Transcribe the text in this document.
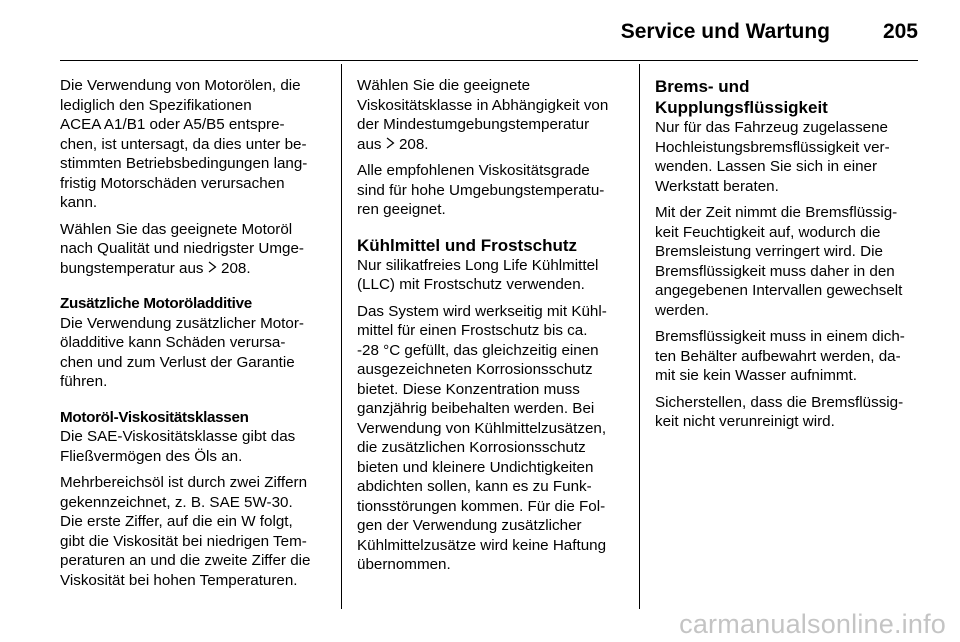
Service und Wartung	205

Die Verwendung von Motorölen, die
lediglich den Spezifikationen
ACEA A1/B1 oder A5/B5 entspre-
chen, ist untersagt, da dies unter be-
stimmten Betriebsbedingungen lang-
fristig Motorschäden verursachen
kann.

Wählen Sie das geeignete Motoröl
nach Qualität und niedrigster Umge-
bungstemperatur aus 208.

Zusätzliche Motoröladditive

Die Verwendung zusätzlicher Motor-
öladditive kann Schäden verursa-
chen und zum Verlust der Garantie
führen.

Motoröl-Viskositätsklassen

Die SAE-Viskositätsklasse gibt das
Fließvermögen des Öls an.

Mehrbereichsöl ist durch zwei Ziffern
gekennzeichnet, z. B. SAE 5W-30.
Die erste Ziffer, auf die ein W folgt,
gibt die Viskosität bei niedrigen Tem-
peraturen an und die zweite Ziffer die
Viskosität bei hohen Temperaturen.

Wählen Sie die geeignete
Viskositätsklasse in Abhängigkeit von
der Mindestumgebungstemperatur
aus 208.

Alle empfohlenen Viskositätsgrade
sind für hohe Umgebungstemperatu-
ren geeignet.

Kühlmittel und Frostschutz

Nur silikatfreies Long Life Kühlmittel
(LLC) mit Frostschutz verwenden.

Das System wird werkseitig mit Kühl-
mittel für einen Frostschutz bis ca.
-28 °C gefüllt, das gleichzeitig einen
ausgezeichneten Korrosionsschutz
bietet. Diese Konzentration muss
ganzjährig beibehalten werden. Bei
Verwendung von Kühlmittelzusätzen,
die zusätzlichen Korrosionsschutz
bieten und kleinere Undichtigkeiten
abdichten sollen, kann es zu Funk-
tionsstörungen kommen. Für die Fol-
gen der Verwendung zusätzlicher
Kühlmittelzusätze wird keine Haftung
übernommen.

Brems- und
Kupplungsflüssigkeit

Nur für das Fahrzeug zugelassene
Hochleistungsbremsflüssigkeit ver-
wenden. Lassen Sie sich in einer
Werkstatt beraten.

Mit der Zeit nimmt die Bremsflüssig-
keit Feuchtigkeit auf, wodurch die
Bremsleistung verringert wird. Die
Bremsflüssigkeit muss daher in den
angegebenen Intervallen gewechselt
werden.

Bremsflüssigkeit muss in einem dich-
ten Behälter aufbewahrt werden, da-
mit sie kein Wasser aufnimmt.

Sicherstellen, dass die Bremsflüssig-
keit nicht verunreinigt wird.

carmanualsonline.info
